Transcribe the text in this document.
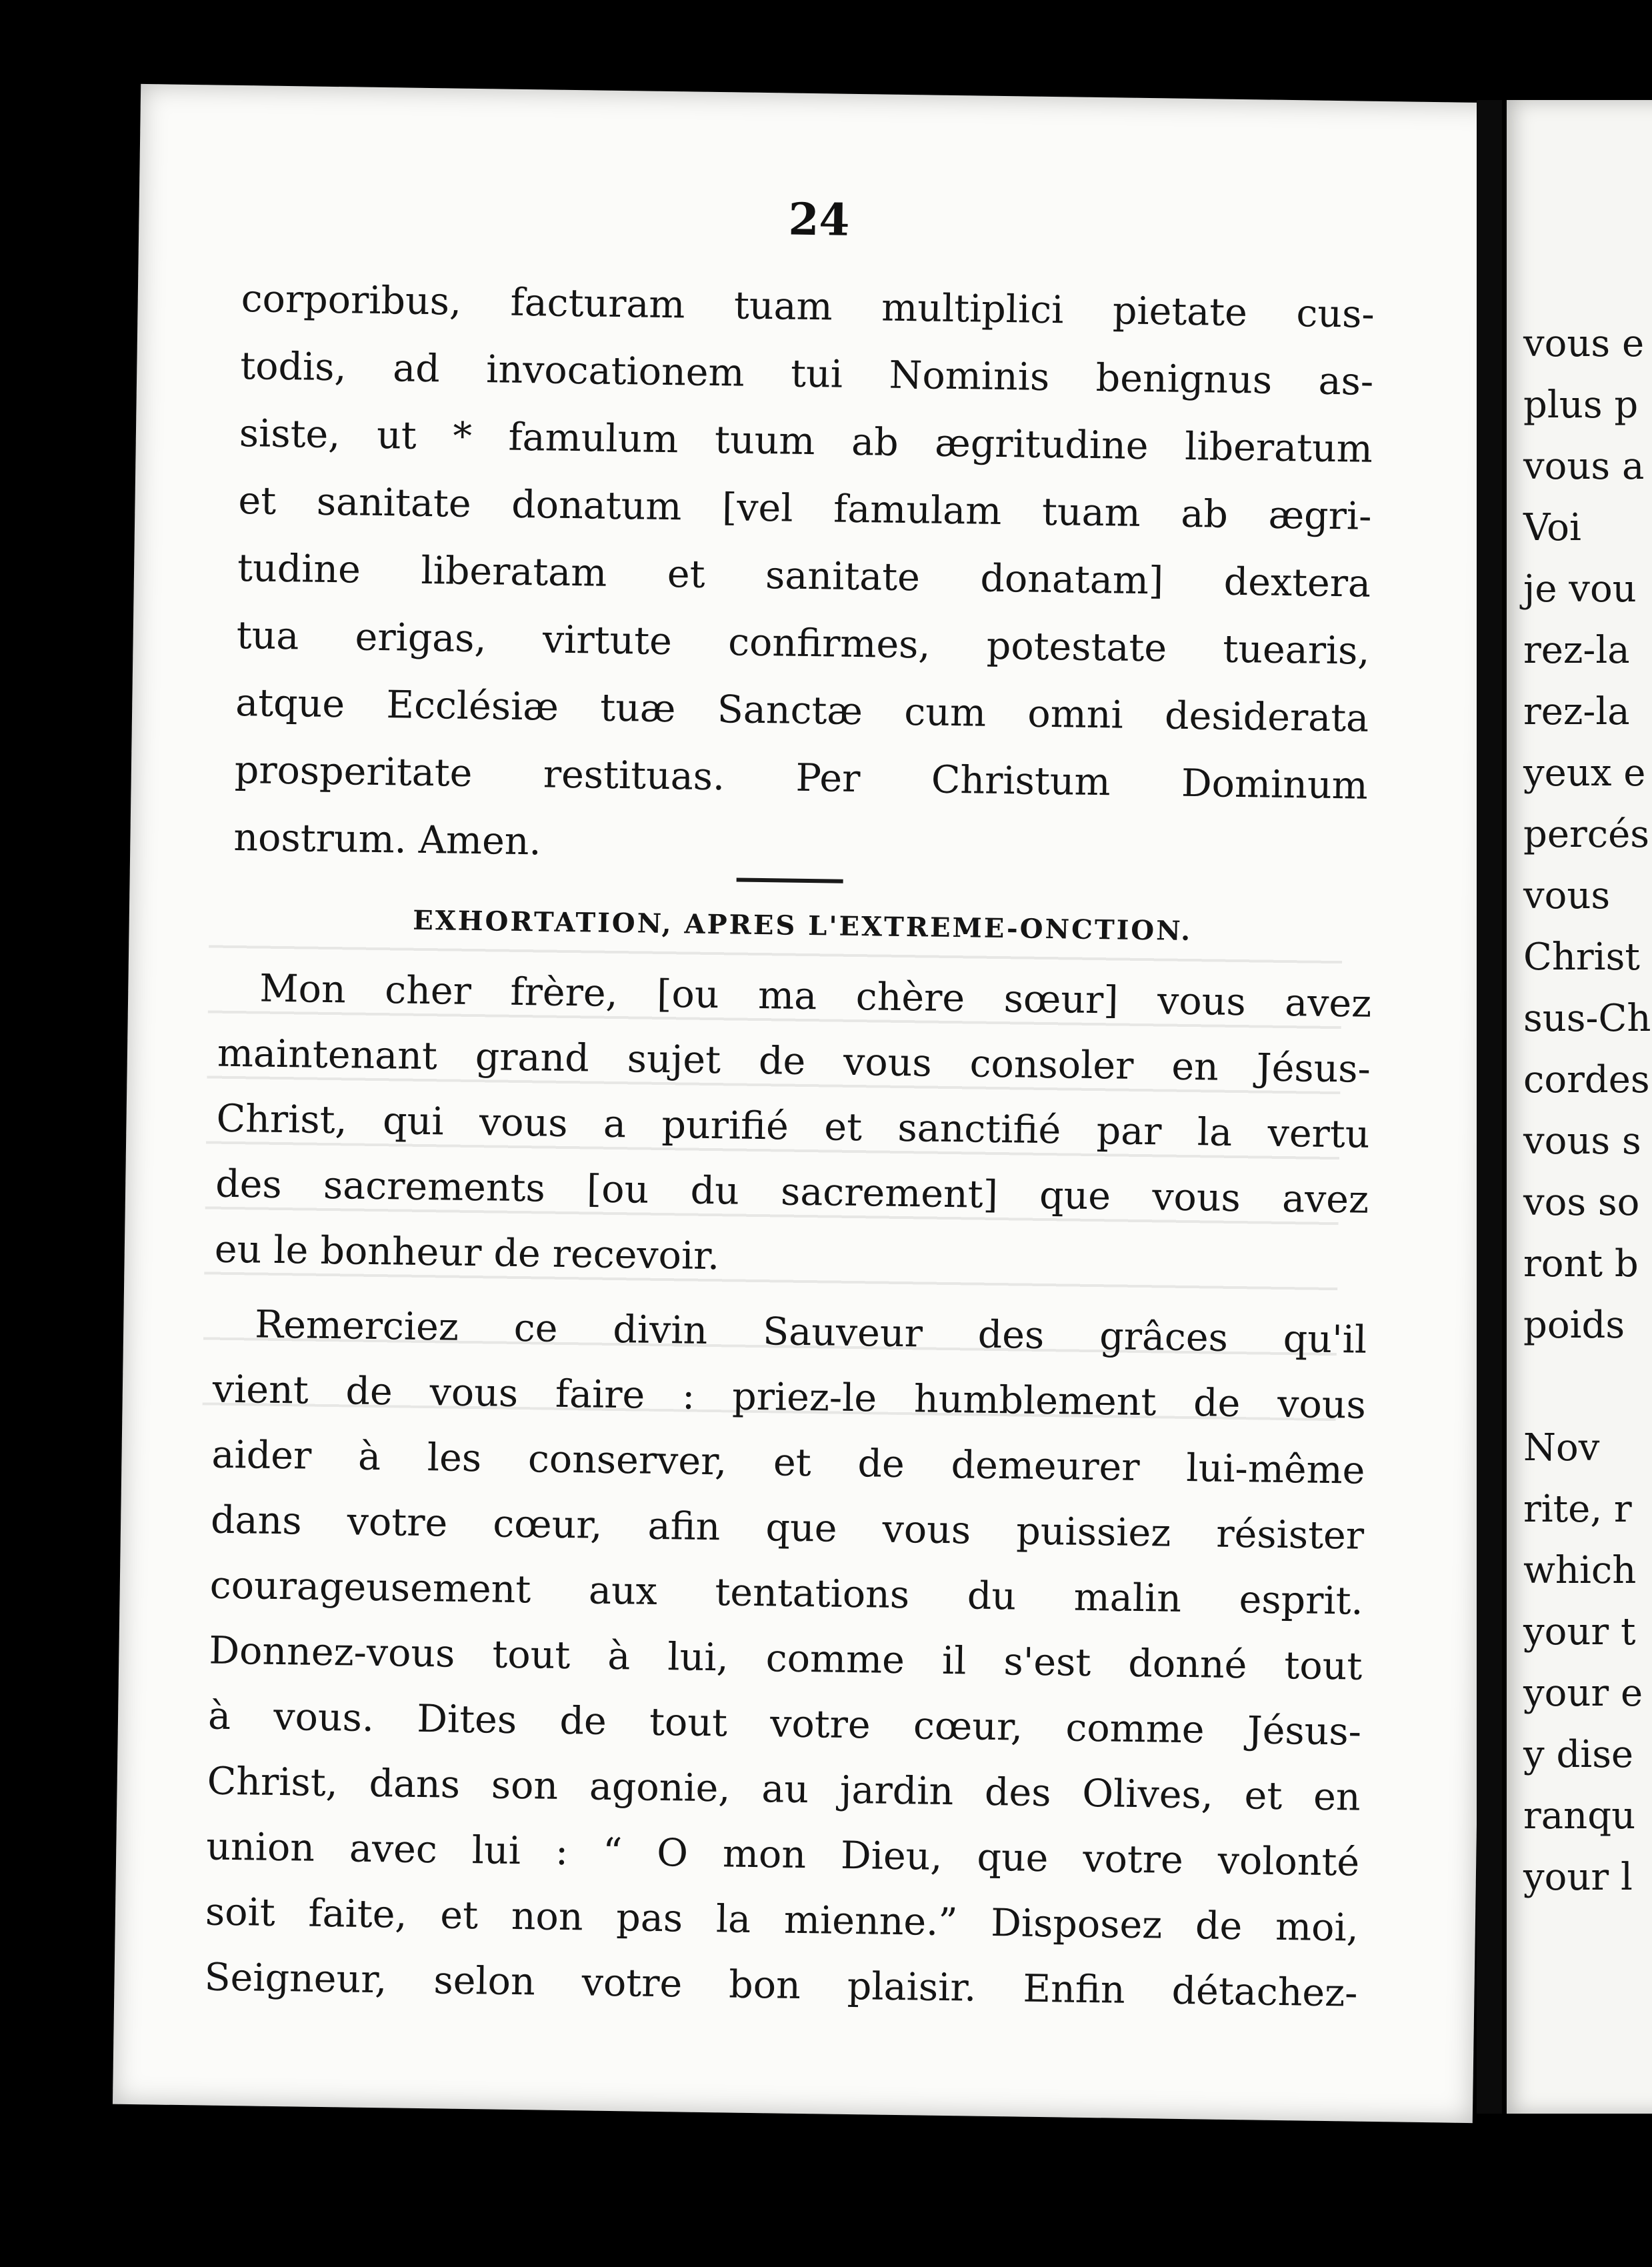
24
corporibus, facturam tuam multiplici pietate cus-
todis, ad invocationem tui Nominis benignus as-
siste, ut * famulum tuum ab ægritudine liberatum
et sanitate donatum [vel famulam tuam ab ægri-
tudine liberatam et sanitate donatam] dextera
tua erigas, virtute confirmes, potestate tuearis,
atque Ecclésiæ tuæ Sanctæ cum omni desiderata
prosperitate restituas. Per Christum Dominum
nostrum. Amen.
EXHORTATION, APRES L'EXTREME-ONCTION.
Mon cher frère, [ou ma chère sœur] vous avez
maintenant grand sujet de vous consoler en Jésus-
Christ, qui vous a purifié et sanctifié par la vertu
des sacrements [ou du sacrement] que vous avez
eu le bonheur de recevoir.
Remerciez ce divin Sauveur des grâces qu'il
vient de vous faire : priez-le humblement de vous
aider à les conserver, et de demeurer lui-même
dans votre cœur, afin que vous puissiez résister
courageusement aux tentations du malin esprit.
Donnez-vous tout à lui, comme il s'est donné tout
à vous. Dites de tout votre cœur, comme Jésus-
Christ, dans son agonie, au jardin des Olives, et en
union avec lui : “ O mon Dieu, que votre volonté
soit faite, et non pas la mienne.” Disposez de moi,
Seigneur, selon votre bon plaisir. Enfin détachez-
vous e
plus p
vous a
Voi
je vou
rez-la
rez-la
yeux e
percés
vous
Christ
sus-Ch
cordes
vous s
vos so
ront b
poids
Nov
rite, r
which
your t
your e
y dise
ranqu
your l
